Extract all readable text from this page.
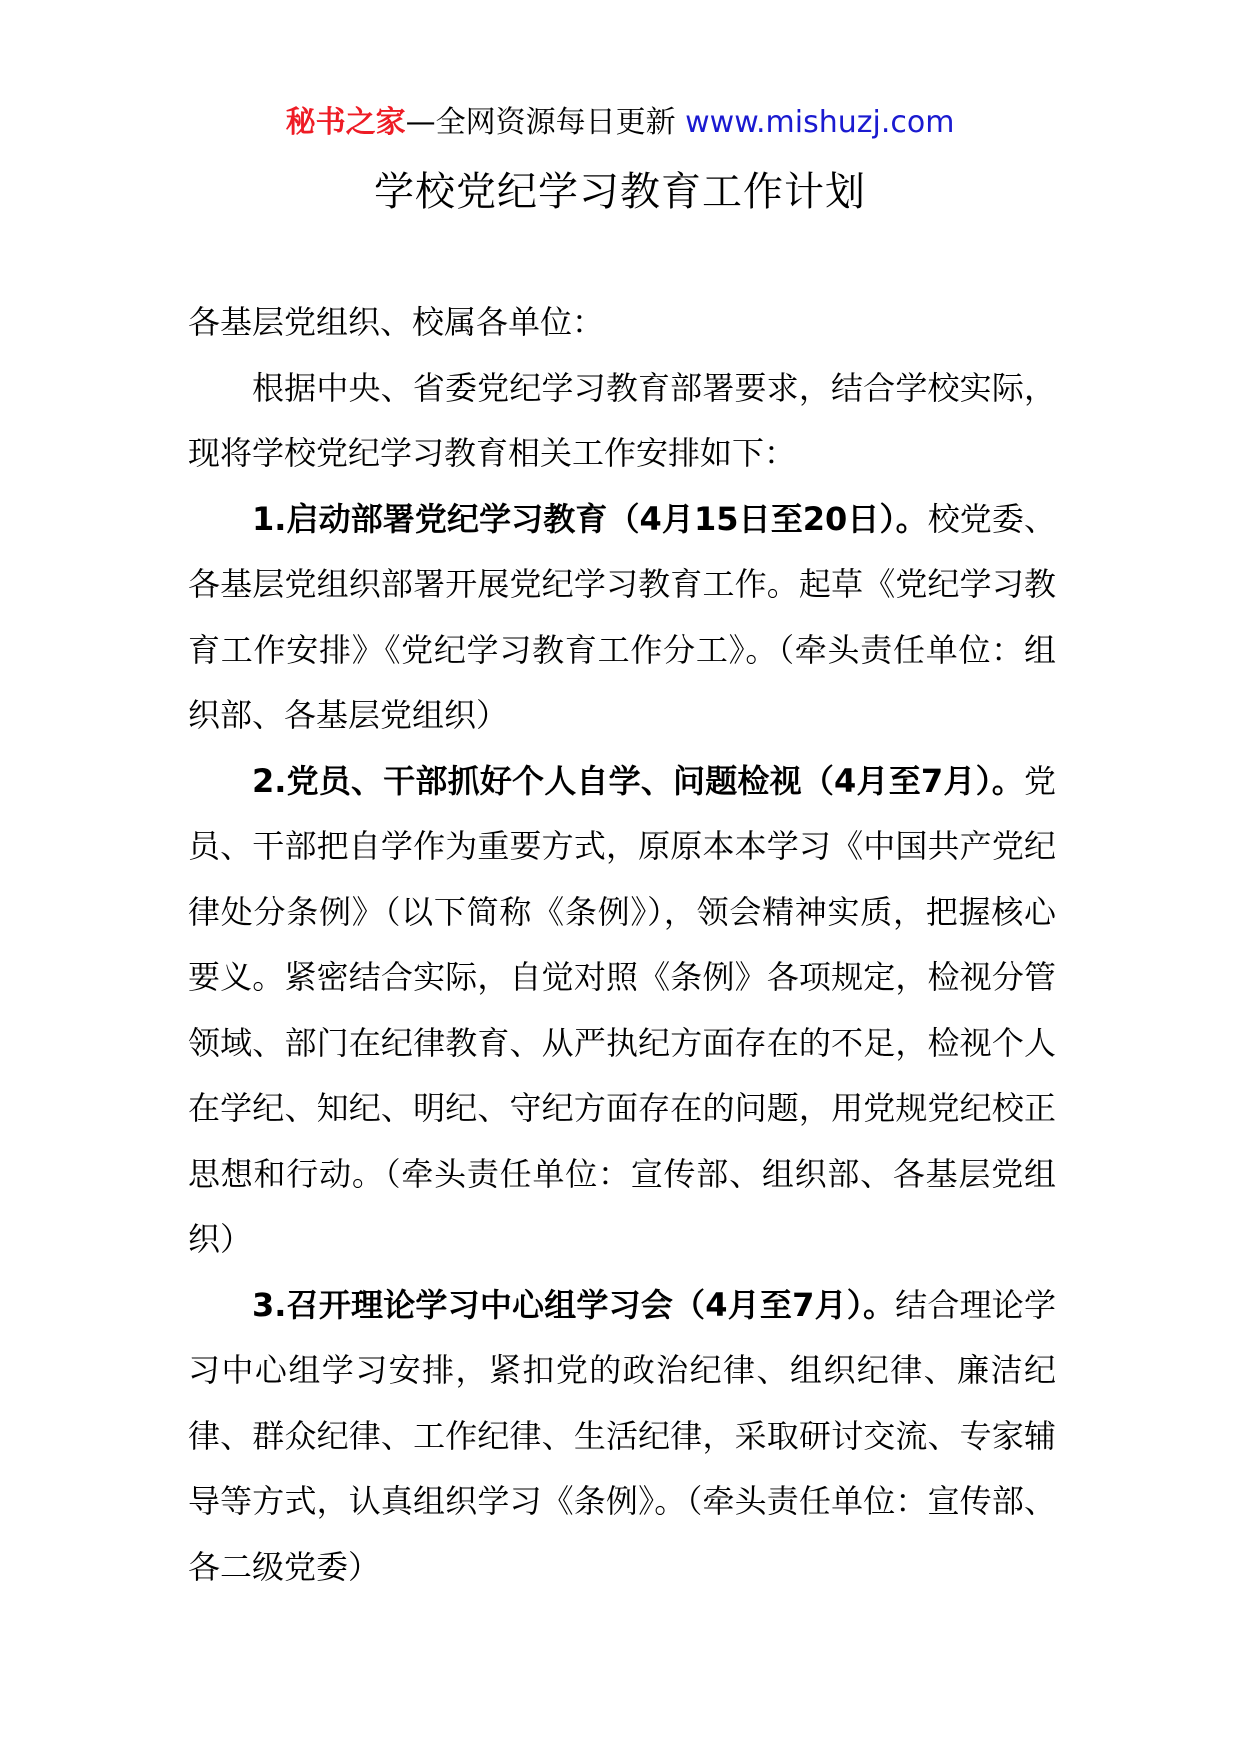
秘书之家—全网资源每日更新 www.mishuzj.com
学校党纪学习教育工作计划

各基层党组织、校属各单位：

根据中央、省委党纪学习教育部署要求，结合学校实际，现将学校党纪学习教育相关工作安排如下：

1.启动部署党纪学习教育（4月15日至20日）。校党委、各基层党组织部署开展党纪学习教育工作。起草《党纪学习教育工作安排》《党纪学习教育工作分工》。（牵头责任单位：组织部、各基层党组织）

2.党员、干部抓好个人自学、问题检视（4月至7月）。党员、干部把自学作为重要方式，原原本本学习《中国共产党纪律处分条例》（以下简称《条例》），领会精神实质，把握核心要义。紧密结合实际，自觉对照《条例》各项规定，检视分管领域、部门在纪律教育、从严执纪方面存在的不足，检视个人在学纪、知纪、明纪、守纪方面存在的问题，用党规党纪校正思想和行动。（牵头责任单位：宣传部、组织部、各基层党组织）

3.召开理论学习中心组学习会（4月至7月）。结合理论学习中心组学习安排，紧扣党的政治纪律、组织纪律、廉洁纪律、群众纪律、工作纪律、生活纪律，采取研讨交流、专家辅导等方式，认真组织学习《条例》。（牵头责任单位：宣传部、各二级党委）
